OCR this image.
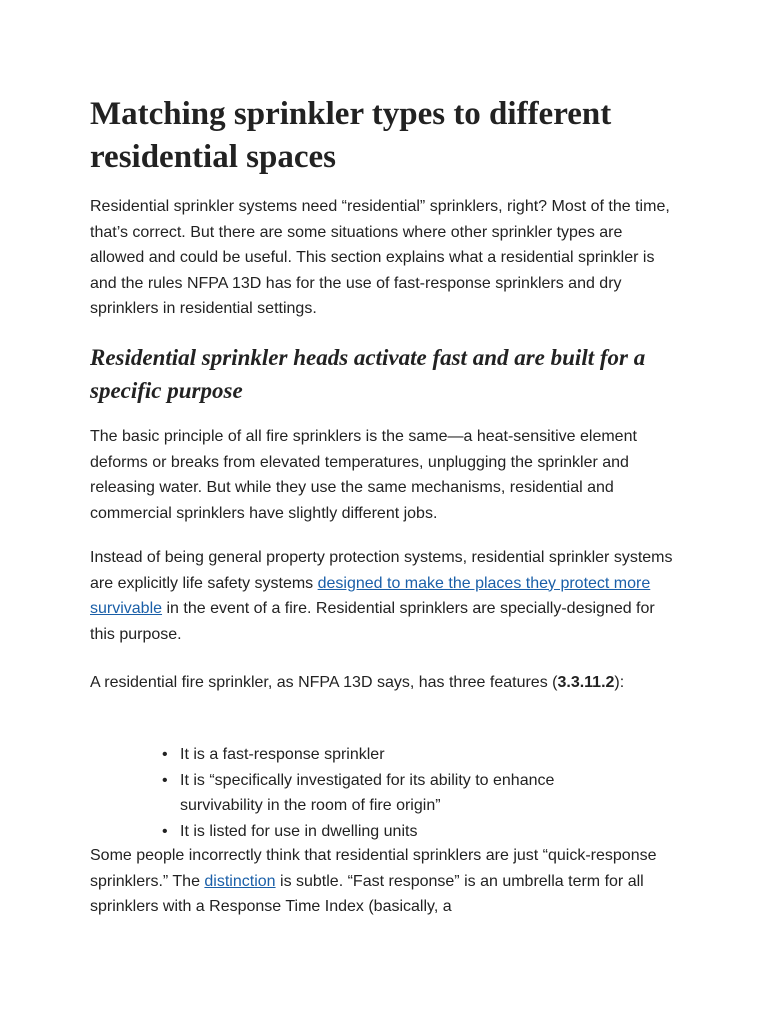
Matching sprinkler types to different residential spaces

Residential sprinkler systems need “residential” sprinklers, right? Most of the time, that’s correct. But there are some situations where other sprinkler types are allowed and could be useful. This section explains what a residential sprinkler is and the rules NFPA 13D has for the use of fast-response sprinklers and dry sprinklers in residential settings.

Residential sprinkler heads activate fast and are built for a specific purpose

The basic principle of all fire sprinklers is the same—a heat-sensitive element deforms or breaks from elevated temperatures, unplugging the sprinkler and releasing water. But while they use the same mechanisms, residential and commercial sprinklers have slightly different jobs.

Instead of being general property protection systems, residential sprinkler systems are explicitly life safety systems designed to make the places they protect more survivable in the event of a fire. Residential sprinklers are specially-designed for this purpose.

A residential fire sprinkler, as NFPA 13D says, has three features (3.3.11.2):

• It is a fast-response sprinkler
• It is “specifically investigated for its ability to enhance survivability in the room of fire origin”
• It is listed for use in dwelling units

Some people incorrectly think that residential sprinklers are just “quick-response sprinklers.” The distinction is subtle. “Fast response” is an umbrella term for all sprinklers with a Response Time Index (basically, a
